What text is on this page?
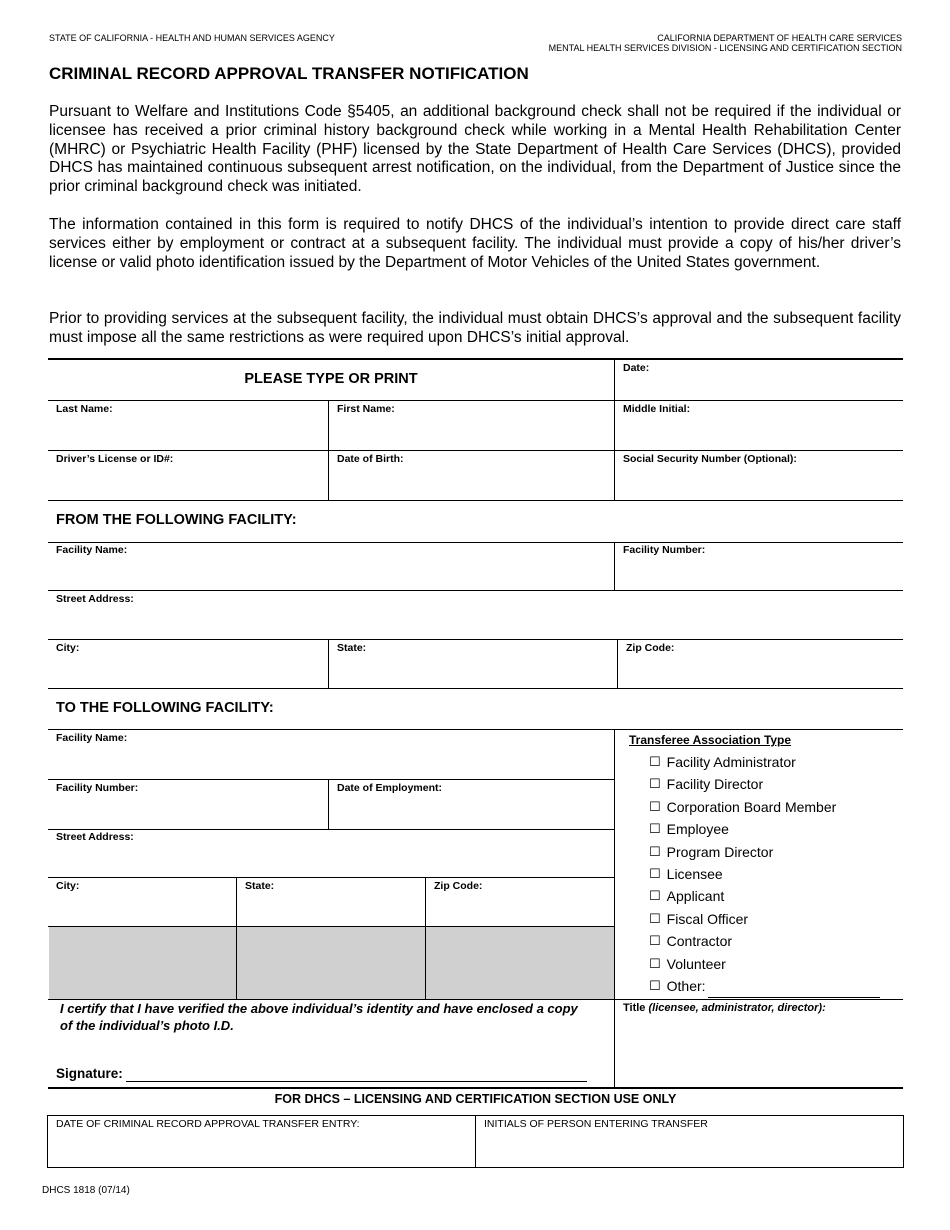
STATE OF CALIFORNIA - HEALTH AND HUMAN SERVICES AGENCY	CALIFORNIA DEPARTMENT OF HEALTH CARE SERVICES
MENTAL HEALTH SERVICES DIVISION - LICENSING AND CERTIFICATION SECTION
CRIMINAL RECORD APPROVAL TRANSFER NOTIFICATION
Pursuant to Welfare and Institutions Code §5405, an additional background check shall not be required if the individual or licensee has received a prior criminal history background check while working in a Mental Health Rehabilitation Center (MHRC) or Psychiatric Health Facility (PHF) licensed by the State Department of Health Care Services (DHCS), provided DHCS has maintained continuous subsequent arrest notification, on the individual, from the Department of Justice since the prior criminal background check was initiated.
The information contained in this form is required to notify DHCS of the individual’s intention to provide direct care staff services either by employment or contract at a subsequent facility. The individual must provide a copy of his/her driver’s license or valid photo identification issued by the Department of Motor Vehicles of the United States government.
Prior to providing services at the subsequent facility, the individual must obtain DHCS’s approval and the subsequent facility must impose all the same restrictions as were required upon DHCS’s initial approval.
PLEASE TYPE OR PRINT
Date:
Last Name:	First Name:	Middle Initial:
Driver’s License or ID#:	Date of Birth:	Social Security Number (Optional):
FROM THE FOLLOWING FACILITY:
Facility Name:	Facility Number:
Street Address:
City:	State:	Zip Code:
TO THE FOLLOWING FACILITY:
Facility Name:
Facility Number:	Date of Employment:
Street Address:
City:	State:	Zip Code:
Transferee Association Type
☐ Facility Administrator
☐ Facility Director
☐ Corporation Board Member
☐ Employee
☐ Program Director
☐ Licensee
☐ Applicant
☐ Fiscal Officer
☐ Contractor
☐ Volunteer
☐ Other:
I certify that I have verified the above individual’s identity and have enclosed a copy of the individual’s photo I.D.
Signature:
Title (licensee, administrator, director):
FOR DHCS – LICENSING AND CERTIFICATION SECTION USE ONLY
DATE OF CRIMINAL RECORD APPROVAL TRANSFER ENTRY:	INITIALS OF PERSON ENTERING TRANSFER
DHCS 1818 (07/14)
